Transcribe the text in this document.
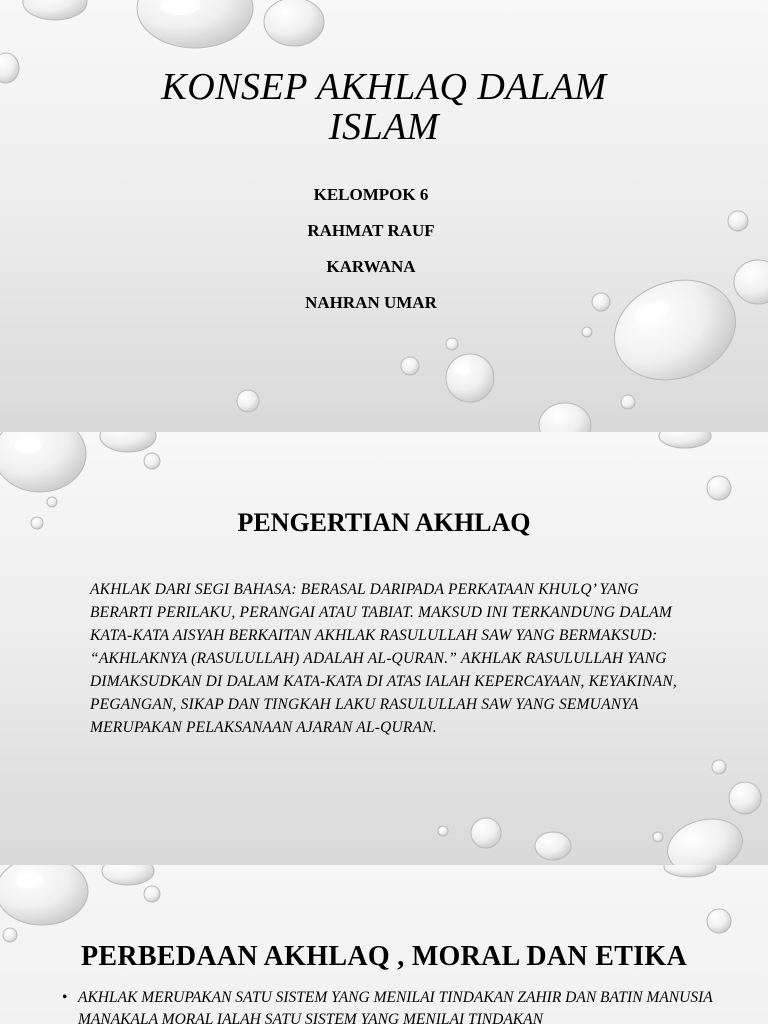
KONSEP AKHLAQ DALAM
ISLAM
KELOMPOK 6
RAHMAT RAUF
KARWANA
NAHRAN UMAR
PENGERTIAN AKHLAQ

AKHLAK DARI SEGI BAHASA: BERASAL DARIPADA PERKATAAN KHULQ’ YANG BERARTI PERILAKU, PERANGAI ATAU TABIAT. MAKSUD INI TERKANDUNG DALAM KATA-KATA AISYAH BERKAITAN AKHLAK RASULULLAH SAW YANG BERMAKSUD: “AKHLAKNYA (RASULULLAH) ADALAH AL-QURAN.” AKHLAK RASULULLAH YANG DIMAKSUDKAN DI DALAM KATA-KATA DI ATAS IALAH KEPERCAYAAN, KEYAKINAN, PEGANGAN, SIKAP DAN TINGKAH LAKU RASULULLAH SAW YANG SEMUANYA MERUPAKAN PELAKSANAAN AJARAN AL-QURAN.

PERBEDAAN AKHLAQ , MORAL DAN ETIKA
• AKHLAK MERUPAKAN SATU SISTEM YANG MENILAI TINDAKAN ZAHIR DAN BATIN MANUSIA MANAKALA MORAL IALAH SATU SISTEM YANG MENILAI TINDAKAN
